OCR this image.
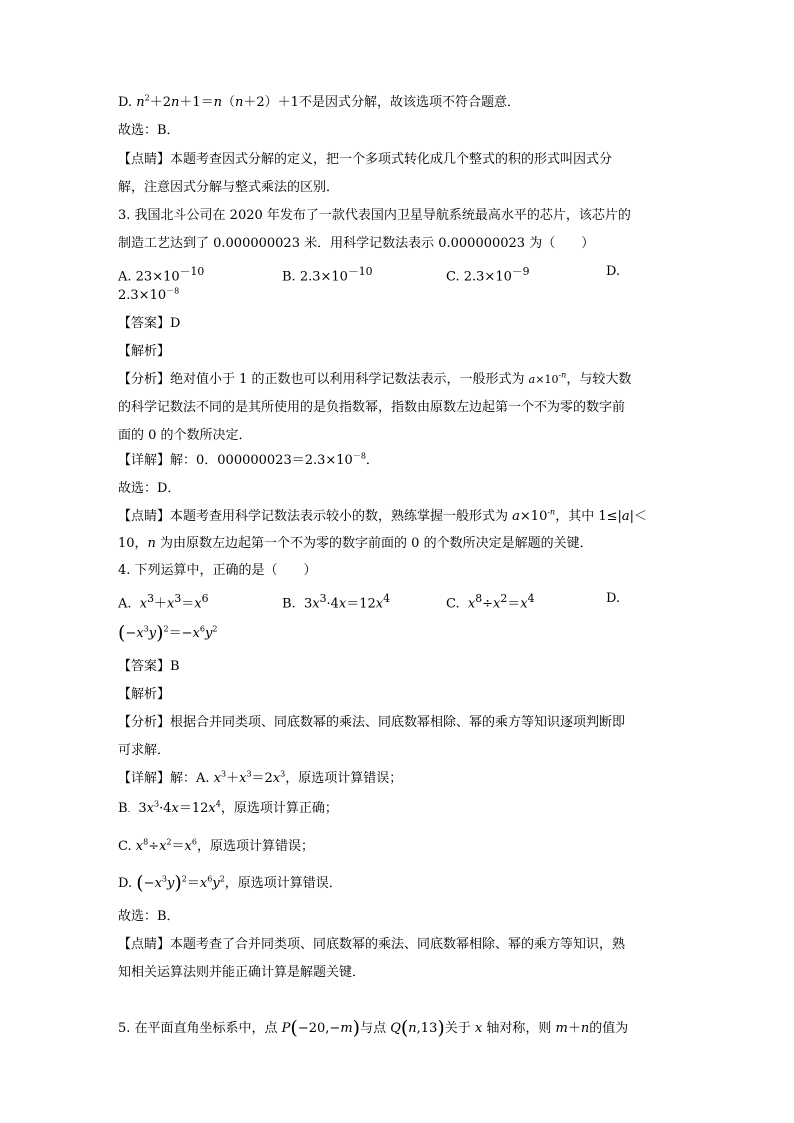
D. $n^2+2n+1=n(n+2)+1$不是因式分解，故该选项不符合题意．
故选：B．
【点睛】本题考查因式分解的定义，把一个多项式转化成几个整式的积的形式叫因式分
解，注意因式分解与整式乘法的区别．
3. 我国北斗公司在 2020 年发布了一款代表国内卫星导航系统最高水平的芯片，该芯片的
制造工艺达到了 0.000000023 米．用科学记数法表示 0.000000023 为（　　）
A. $23\times 10^{-10}$	B. $2.3\times 10^{-10}$	C. $2.3\times 10^{-9}$	D.
$2.3\times 10^{-8}$
【答案】D
【解析】
【分析】绝对值小于 1 的正数也可以利用科学记数法表示，一般形式为 $a\times 10^{-n}$，与较大数
的科学记数法不同的是其所使用的是负指数幂，指数由原数左边起第一个不为零的数字前
面的 0 的个数所决定．
【详解】解：0．$000000023=2.3\times 10^{-8}$．
故选：D．
【点睛】本题考查用科学记数法表示较小的数，熟练掌握一般形式为 $a\times 10^{-n}$，其中 1≤|a|＜
10，n 为由原数左边起第一个不为零的数字前面的 0 的个数所决定是解题的关键．
4. 下列运算中，正确的是（　　）
A. $x^3+x^3=x^6$	B.  $3x^3\cdot 4x=12x^4$	C. $x^8\div x^2=x^4$	D.
$(-x^3y)^2=-x^6y^2$
【答案】B
【解析】
【分析】根据合并同类项、同底数幂的乘法、同底数幂相除、幂的乘方等知识逐项判断即
可求解．
【详解】解：A. $x^3+x^3=2x^3$，原选项计算错误；
B.  $3x^3\cdot 4x=12x^4$，原选项计算正确；
C. $x^8\div x^2=x^6$，原选项计算错误；
D. $(-x^3y)^2=x^6y^2$，原选项计算错误．
故选：B．
【点睛】本题考查了合并同类项、同底数幂的乘法、同底数幂相除、幂的乘方等知识，熟
知相关运算法则并能正确计算是解题关键．
5. 在平面直角坐标系中，点 P(−20,−m)与点 Q(n,13)关于 x 轴对称，则 m＋n的值为
